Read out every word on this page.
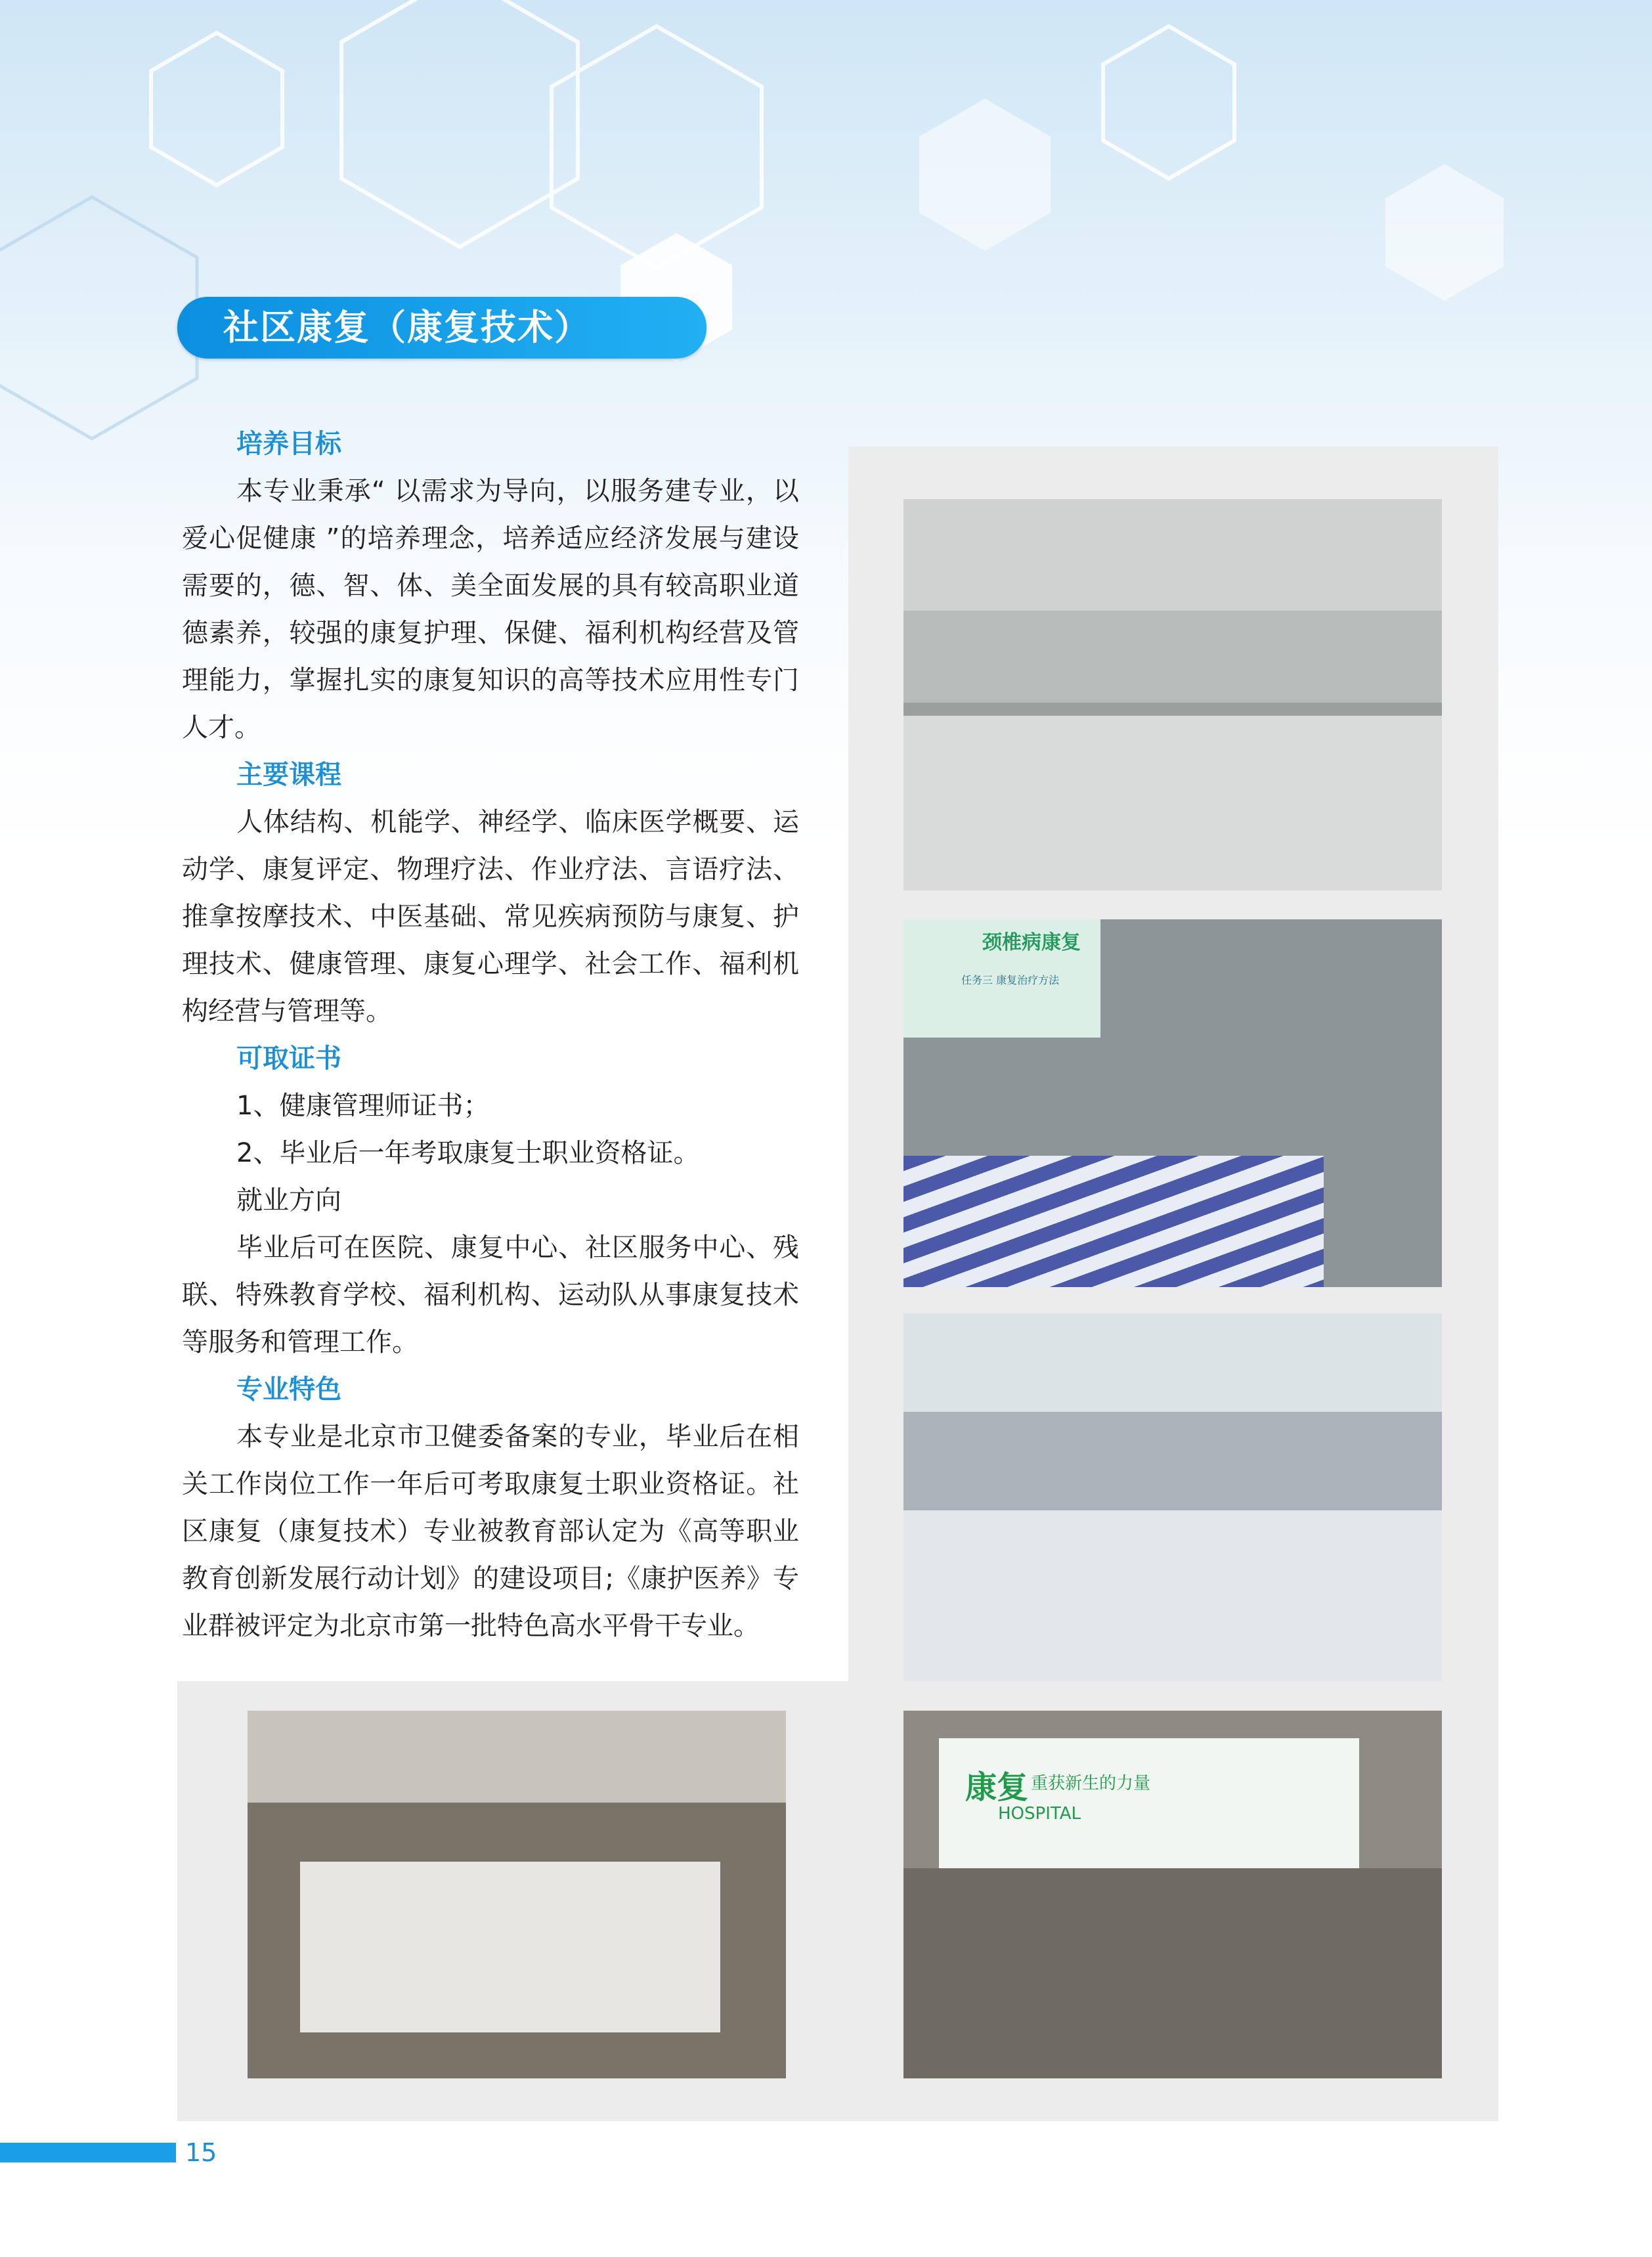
社区康复（康复技术）
颈椎病康复
任务三 康复治疗方法
康复 重获新生的力量
HOSPITAL
培养目标

本专业秉承“ 以需求为导向，以服务建专业，以爱心促健康 ”的培养理念，培养适应经济发展与建设需要的，德、智、体、美全面发展的具有较高职业道德素养，较强的康复护理、保健、福利机构经营及管理能力，掌握扎实的康复知识的高等技术应用性专门人才。

主要课程

人体结构、机能学、神经学、临床医学概要、运动学、康复评定、物理疗法、作业疗法、言语疗法、推拿按摩技术、中医基础、常见疾病预防与康复、护理技术、健康管理、康复心理学、社会工作、福利机构经营与管理等。

可取证书
1、健康管理师证书；
2、毕业后一年考取康复士职业资格证。
就业方向

毕业后可在医院、康复中心、社区服务中心、残联、特殊教育学校、福利机构、运动队从事康复技术等服务和管理工作。

专业特色

本专业是北京市卫健委备案的专业，毕业后在相关工作岗位工作一年后可考取康复士职业资格证。社区康复（康复技术）专业被教育部认定为《高等职业教育创新发展行动计划》的建设项目;《康护医养》专业群被评定为北京市第一批特色高水平骨干专业。

15
